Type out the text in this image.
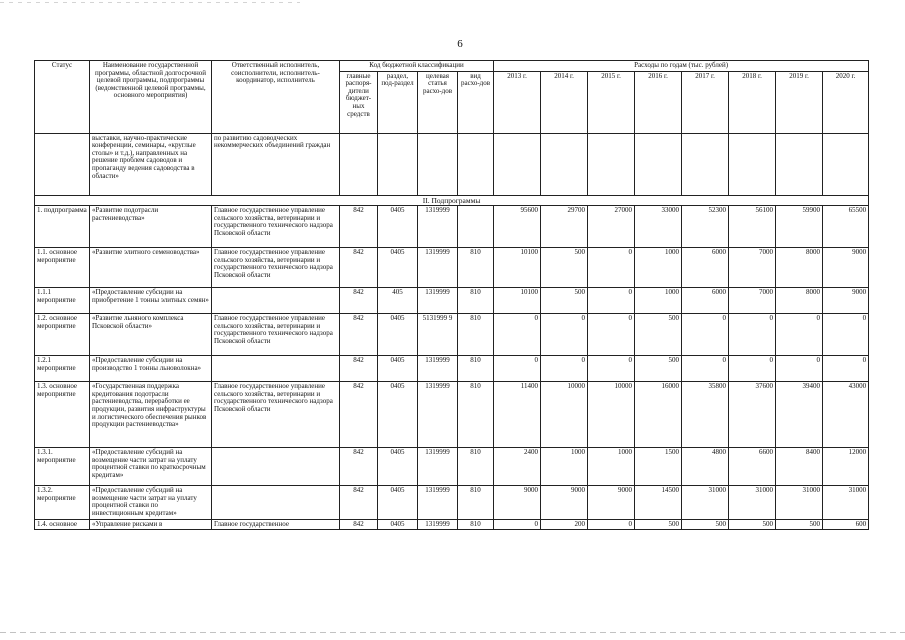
6
Статус	Наименование государственной программы, областной долгосрочной целевой программы, подпрограммы (ведомственной целевой программы, основного мероприятия)	Ответственный исполнитель, соисполнители, исполнитель-координатор, исполнитель	Код бюджетной классификации				Расходы по годам (тыс. рублей)							
			главные распоря-дители бюджет-ных средств	раздел, под-раздел	целевая статья расхо-дов	вид расхо-дов	2013 г.	2014 г.	2015 г.	2016 г.	2017 г.	2018 г.	2019 г.	2020 г.
	выставки, научно-практические конференции, семинары, «круглые столы» и т.д.), направленных на решение проблем садоводов и пропаганду ведения садоводства в области»	по развитию садоводческих некоммерческих объединений граждан												
II. Подпрограммы														
1. подпрограмма	«Развитие подотрасли растениеводства»	Главное государственное управление сельского хозяйства, ветеринарии и государственного технического надзора Псковской области	842	0405	1319999		95600	29700	27000	33000	52300	56100	59900	65500
1.1. основное мероприятие	«Развитие элитного семеноводства»	Главное государственное управление сельского хозяйства, ветеринарии и государственного технического надзора Псковской области	842	0405	1319999	810	10100	500	0	1000	6000	7000	8000	9000
1.1.1 мероприятие	«Предоставление субсидии на приобретение 1 тонны элитных семян»		842	405	1319999	810	10100	500	0	1000	6000	7000	8000	9000
1.2. основное мероприятие	«Развитие льняного комплекса Псковской области»	Главное государственное управление сельского хозяйства, ветеринарии и государственного технического надзора Псковской области	842	0405	5131999 9	810	0	0	0	500	0	0	0	0
1.2.1 мероприятие	«Предоставление субсидии на производство 1 тонны льноволокна»		842	0405	1319999	810	0	0	0	500	0	0	0	0
1.3. основное мероприятие	«Государственная поддержка кредитования подотрасли растениеводства, переработки ее продукции, развития инфраструктуры и логистического обеспечения рынков продукции растениеводства»	Главное государственное управление сельского хозяйства, ветеринарии и государственного технического надзора Псковской области	842	0405	1319999	810	11400	10000	10000	16000	35800	37600	39400	43000
1.3.1. мероприятие	«Предоставление субсидий на возмещение части затрат на уплату процентной ставки по краткосрочным кредитам»		842	0405	1319999	810	2400	1000	1000	1500	4800	6600	8400	12000
1.3.2. мероприятие	«Предоставление субсидий на возмещение части затрат на уплату процентной ставки по инвестиционным кредитам»		842	0405	1319999	810	9000	9000	9000	14500	31000	31000	31000	31000
1.4. основное	«Управление рисками в	Главное государственное	842	0405	1319999	810	0	200	0	500	500	500	500	600
